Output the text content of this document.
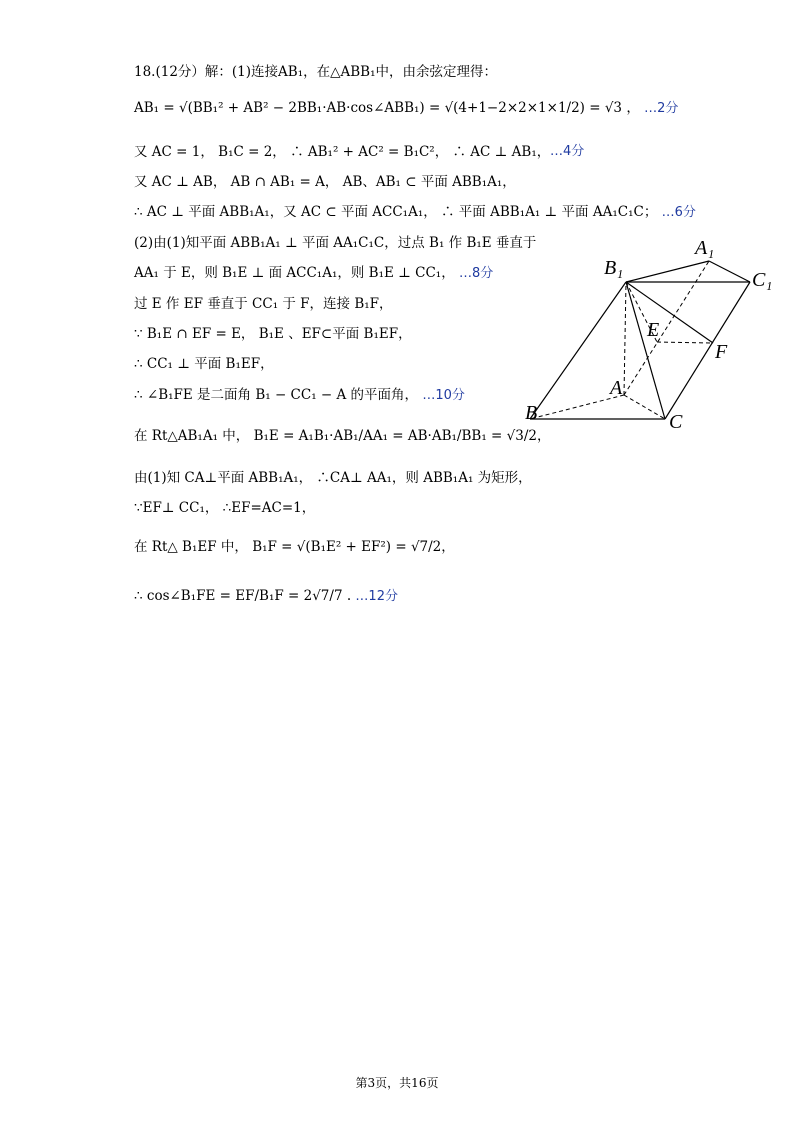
18.(12分）解：(1)连接AB₁，在△ABB₁中，由余弦定理得：
AB₁ = √(BB₁² + AB² − 2BB₁·AB·cos∠ABB₁) = √(4+1−2×2×1×1/2) = √3 ， …2分
又 AC = 1， B₁C = 2， ∴ AB₁² + AC² = B₁C²， ∴ AC ⊥ AB₁， …4分
又 AC ⊥ AB， AB ∩ AB₁ = A， AB、AB₁ ⊂ 平面 ABB₁A₁，
∴ AC ⊥ 平面 ABB₁A₁，又 AC ⊂ 平面 ACC₁A₁， ∴ 平面 ABB₁A₁ ⊥ 平面 AA₁C₁C； …6分
(2)由(1)知平面 ABB₁A₁ ⊥ 平面 AA₁C₁C，过点 B₁ 作 B₁E 垂直于
AA₁ 于 E，则 B₁E ⊥ 面 ACC₁A₁，则 B₁E ⊥ CC₁， …8分
过 E 作 EF 垂直于 CC₁ 于 F，连接 B₁F，
∵ B₁E ∩ EF = E， B₁E 、EF⊂平面 B₁EF，
∴ CC₁ ⊥ 平面 B₁EF，
∴ ∠B₁FE 是二面角 B₁ − CC₁ − A 的平面角， …10分
在 Rt△AB₁A₁ 中， B₁E = A₁B₁·AB₁/AA₁ = AB·AB₁/BB₁ = √3/2，
由(1)知 CA⊥平面 ABB₁A₁， ∴CA⊥ AA₁，则 ABB₁A₁ 为矩形，
∵EF⊥ CC₁， ∴EF=AC=1，
在 Rt△ B₁EF 中， B₁F = √(B₁E² + EF²) = √7/2，
∴ cos∠B₁FE = EF/B₁F = 2√7/7 . …12分
A₁
B₁
C₁
E
F
A
B	C
第3页，共16页
